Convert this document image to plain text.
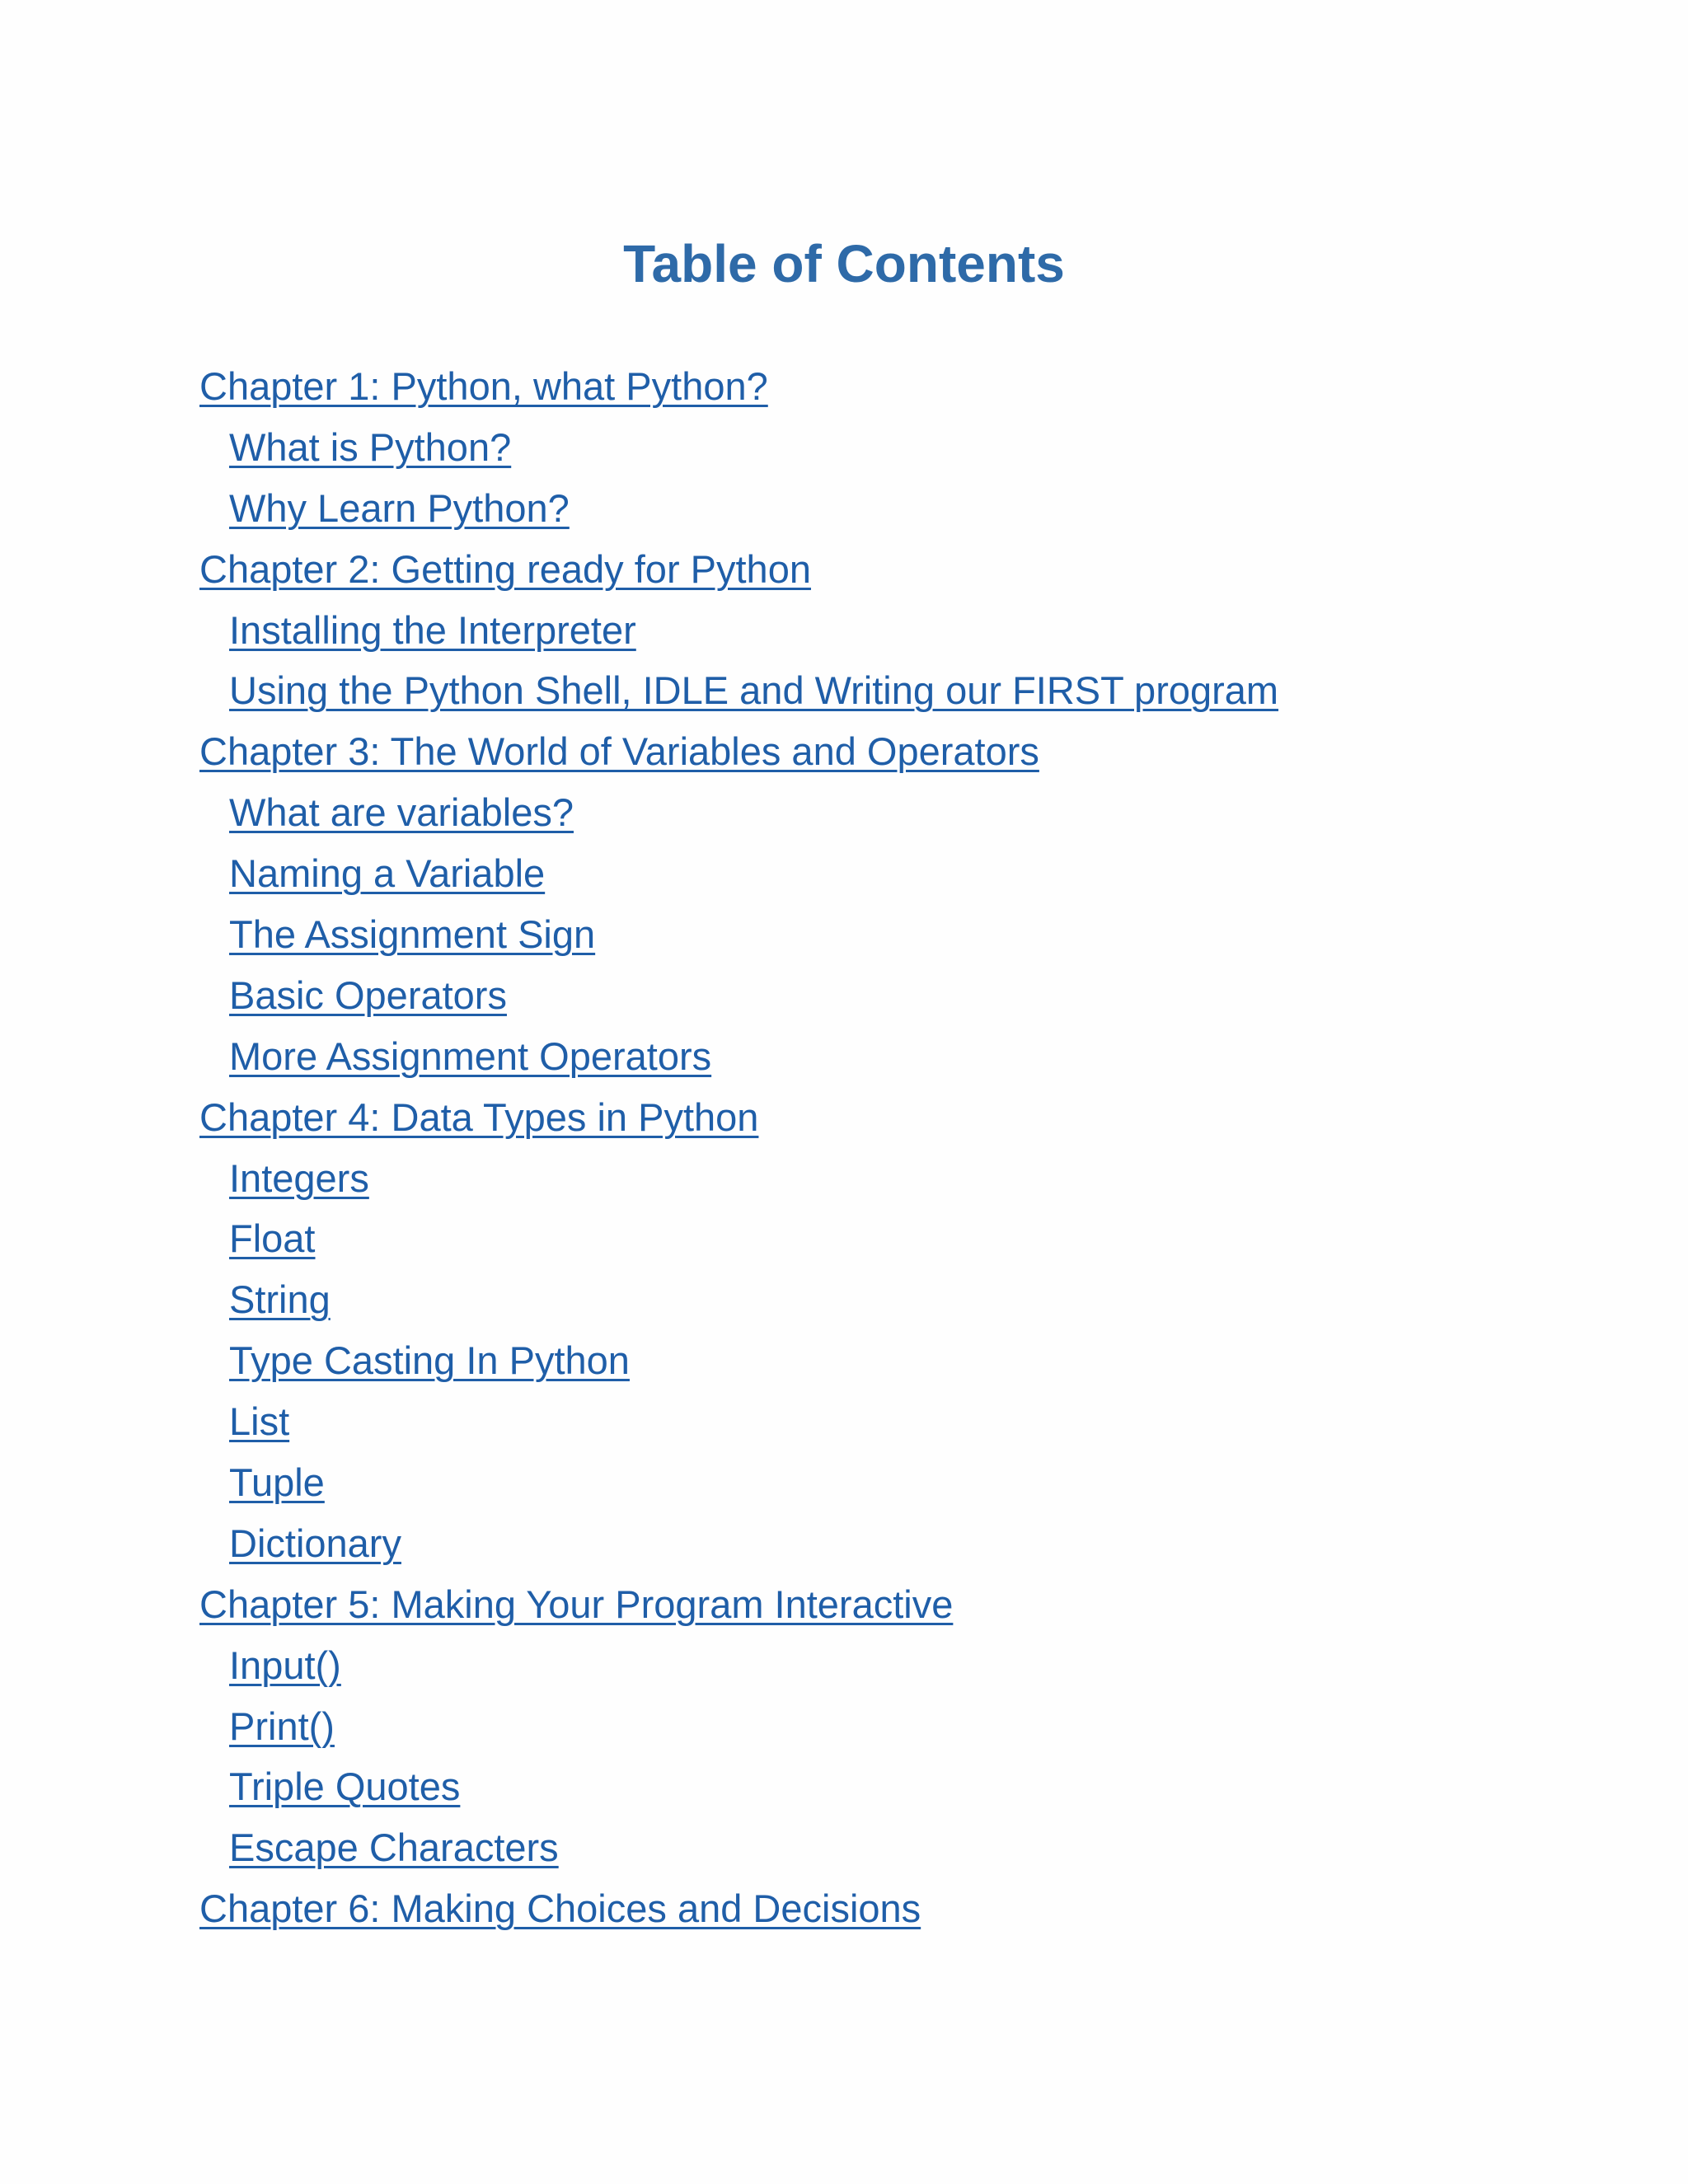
Table of Contents
Chapter 1: Python, what Python?
What is Python?
Why Learn Python?
Chapter 2: Getting ready for Python
Installing the Interpreter
Using the Python Shell, IDLE and Writing our FIRST program
Chapter 3: The World of Variables and Operators
What are variables?
Naming a Variable
The Assignment Sign
Basic Operators
More Assignment Operators
Chapter 4: Data Types in Python
Integers
Float
String
Type Casting In Python
List
Tuple
Dictionary
Chapter 5: Making Your Program Interactive
Input()
Print()
Triple Quotes
Escape Characters
Chapter 6: Making Choices and Decisions
